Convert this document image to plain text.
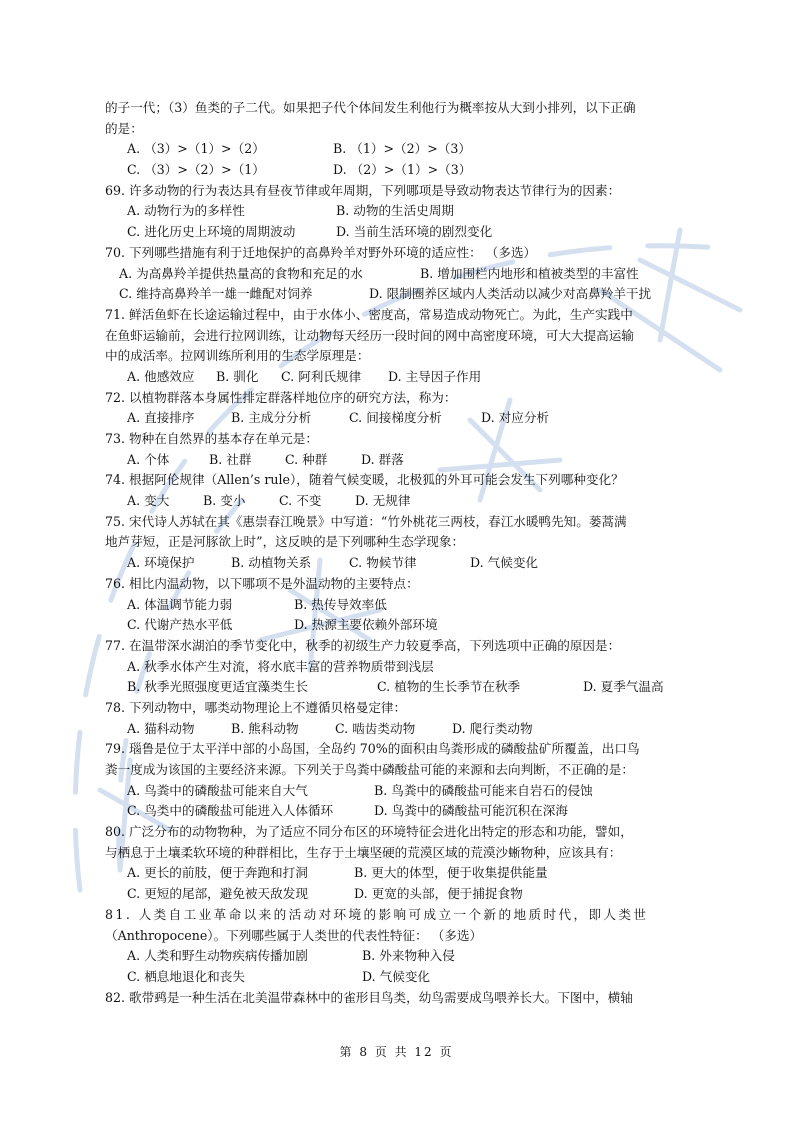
的子一代；（3）鱼类的子二代。如果把子代个体间发生利他行为概率按从大到小排列，以下正确
的是：
A. （3）>（1）>（2）	B. （1）>（2）>（3）
C. （3）>（2）>（1）	D. （2）>（1）>（3）
69. 许多动物的行为表达具有昼夜节律或年周期，下列哪项是导致动物表达节律行为的因素：
A. 动物行为的多样性	B. 动物的生活史周期
C. 进化历史上环境的周期波动	D. 当前生活环境的剧烈变化
70. 下列哪些措施有利于迁地保护的高鼻羚羊对野外环境的适应性： （多选）
A. 为高鼻羚羊提供热量高的食物和充足的水	B. 增加围栏内地形和植被类型的丰富性
C. 维持高鼻羚羊一雄一雌配对饲养	D. 限制圈养区域内人类活动以减少对高鼻羚羊干扰
71. 鲜活鱼虾在长途运输过程中，由于水体小、密度高，常易造成动物死亡。为此，生产实践中
在鱼虾运输前，会进行拉网训练，让动物每天经历一段时间的网中高密度环境，可大大提高运输
中的成活率。拉网训练所利用的生态学原理是：
A. 他感效应 B. 驯化 C. 阿利氏规律 D. 主导因子作用
72. 以植物群落本身属性排定群落样地位序的研究方法，称为：
A. 直接排序	B. 主成分分析	C. 间接梯度分析	D. 对应分析
73. 物种在自然界的基本存在单元是：
A. 个体	B. 社群	C. 种群	D. 群落
74. 根据阿伦规律（Allen’s rule），随着气候变暖，北极狐的外耳可能会发生下列哪种变化？
A. 变大	B. 变小	C. 不变	D. 无规律
75. 宋代诗人苏轼在其《惠崇春江晚景》中写道：“竹外桃花三两枝，春江水暖鸭先知。蒌蒿满
地芦芽短，正是河豚欲上时”，这反映的是下列哪种生态学现象：
A. 环境保护	B. 动植物关系	C. 物候节律	D. 气候变化
76. 相比内温动物，以下哪项不是外温动物的主要特点：
A. 体温调节能力弱	B. 热传导效率低
C. 代谢产热水平低	D. 热源主要依赖外部环境
77. 在温带深水湖泊的季节变化中，秋季的初级生产力较夏季高，下列选项中正确的原因是：
A. 秋季水体产生对流，将水底丰富的营养物质带到浅层
B. 秋季光照强度更适宜藻类生长	C. 植物的生长季节在秋季	D. 夏季气温高
78. 下列动物中，哪类动物理论上不遵循贝格曼定律：
A. 猫科动物	B. 熊科动物	C. 啮齿类动物	D. 爬行类动物
79. 瑙鲁是位于太平洋中部的小岛国，全岛约 70%的面积由鸟粪形成的磷酸盐矿所覆盖，出口鸟
粪一度成为该国的主要经济来源。下列关于鸟粪中磷酸盐可能的来源和去向判断，不正确的是：
A. 鸟粪中的磷酸盐可能来自大气	B. 鸟粪中的磷酸盐可能来自岩石的侵蚀
C. 鸟类中的磷酸盐可能进入人体循环	D. 鸟粪中的磷酸盐可能沉积在深海
80. 广泛分布的动物物种，为了适应不同分布区的环境特征会进化出特定的形态和功能，譬如，
与栖息于土壤柔软环境的种群相比，生存于土壤坚硬的荒漠区域的荒漠沙蜥物种，应该具有：
A. 更长的前肢，便于奔跑和打洞	B. 更大的体型，便于收集提供能量
C. 更短的尾部，避免被天敌发现	D. 更宽的头部，便于捕捉食物
81. 人类自工业革命以来的活动对环境的影响可成立一个新的地质时代，即人类世
（Anthropocene）。下列哪些属于人类世的代表性特征： （多选）
A. 人类和野生动物疾病传播加剧	B. 外来物种入侵
C. 栖息地退化和丧失	D. 气候变化
82. 歌带鹀是一种生活在北美温带森林中的雀形目鸟类，幼鸟需要成鸟喂养长大。下图中，横轴
第 8 页 共 12 页
